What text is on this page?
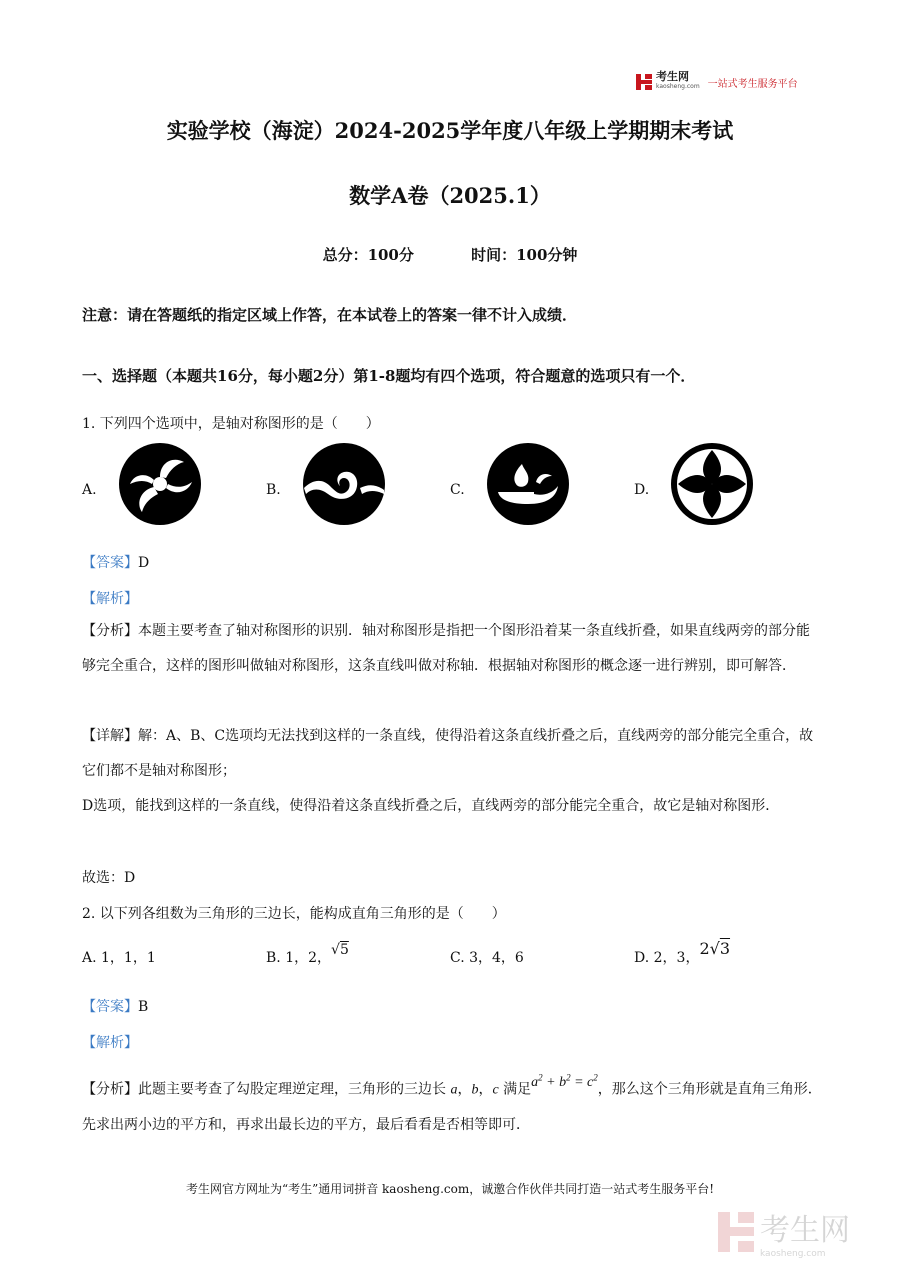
考生网
kaosheng.com 一站式考生服务平台
实验学校（海淀）2024-2025学年度八年级上学期期末考试
数学A卷（2025.1）
总分：100分	时间：100分钟
注意：请在答题纸的指定区域上作答，在本试卷上的答案一律不计入成绩．
一、选择题（本题共16分，每小题2分）第1-8题均有四个选项，符合题意的选项只有一个．
1. 下列四个选项中，是轴对称图形的是（　　）
A.	B.	C.	D.
【答案】D
【解析】
【分析】本题主要考查了轴对称图形的识别．轴对称图形是指把一个图形沿着某一条直线折叠，如果直线两旁的部分能够完全重合，这样的图形叫做轴对称图形，这条直线叫做对称轴．根据轴对称图形的概念逐一进行辨别，即可解答．
【详解】解：A、B、C选项均无法找到这样的一条直线，使得沿着这条直线折叠之后，直线两旁的部分能完全重合，故它们都不是轴对称图形；
D选项，能找到这样的一条直线，使得沿着这条直线折叠之后，直线两旁的部分能完全重合，故它是轴对称图形．
故选：D
2. 以下列各组数为三角形的三边长，能构成直角三角形的是（　　）
A. 1，1，1	B. 1，2，√5	C. 3，4，6	D. 2，3，2√3
【答案】B
【解析】
【分析】此题主要考查了勾股定理逆定理，三角形的三边长 a，b，c 满足$a^2 + b^2 = c^2$，那么这个三角形就是直角三角形．先求出两小边的平方和，再求出最长边的平方，最后看看是否相等即可．
考生网官方网址为“考生”通用词拼音 kaosheng.com，诚邀合作伙伴共同打造一站式考生服务平台!
考生网
kaosheng.com
